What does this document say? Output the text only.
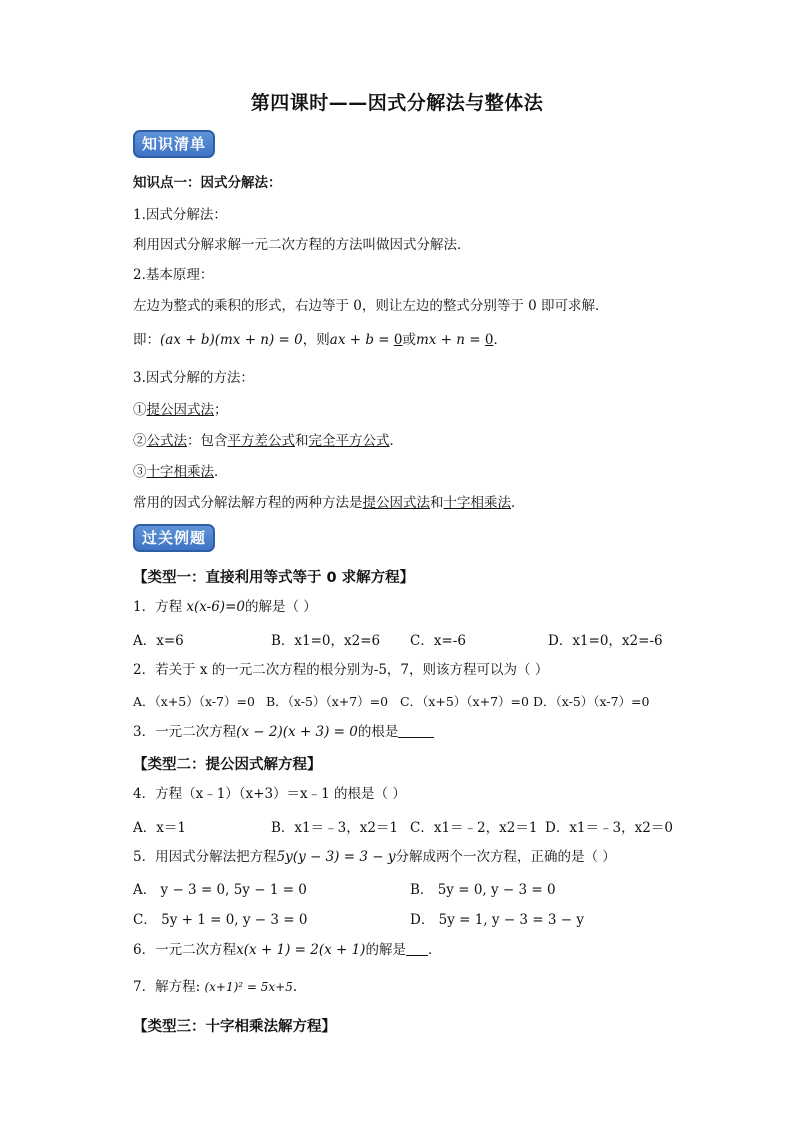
第四课时——因式分解法与整体法
知识清单
知识点一：因式分解法：
1.因式分解法：
利用因式分解求解一元二次方程的方法叫做因式分解法．
2.基本原理：
左边为整式的乘积的形式，右边等于 0，则让左边的整式分别等于 0 即可求解．
即：(ax + b)(mx + n) = 0，则ax + b = 0或mx + n = 0．
3.因式分解的方法：
①提公因式法；
②公式法：包含平方差公式和完全平方公式．
③十字相乘法．
常用的因式分解法解方程的两种方法是提公因式法和十字相乘法．
过关例题
【类型一：直接利用等式等于 0 求解方程】
1．方程 x(x-6)=0的解是（ ）
A．x=6	B．x1=0，x2=6 C．x=-6	D．x1=0，x2=-6
2．若关于 x 的一元二次方程的根分别为-5，7，则该方程可以为（ ）
A．（x+5）（x-7）=0 B．（x-5）（x+7）=0 C．（x+5）（x+7）=0 D．（x-5）（x-7）=0
3．一元二次方程(x − 2)(x + 3) = 0的根是
【类型二：提公因式解方程】
4．方程（x﹣1）（x+3）＝x﹣1 的根是（ ）
A．x＝1	B．x1＝﹣3，x2＝1 C．x1＝﹣2，x2＝1 D．x1＝﹣3，x2＝0
5．用因式分解法把方程5y(y − 3) = 3 − y分解成两个一次方程，正确的是（ ）
A． y − 3 = 0, 5y − 1 = 0	B． 5y = 0, y − 3 = 0
C． 5y + 1 = 0, y − 3 = 0	D． 5y = 1, y − 3 = 3 − y
6．一元二次方程x(x + 1) = 2(x + 1)的解是 ．
7．解方程: (x+1)² = 5x+5.
【类型三：十字相乘法解方程】
